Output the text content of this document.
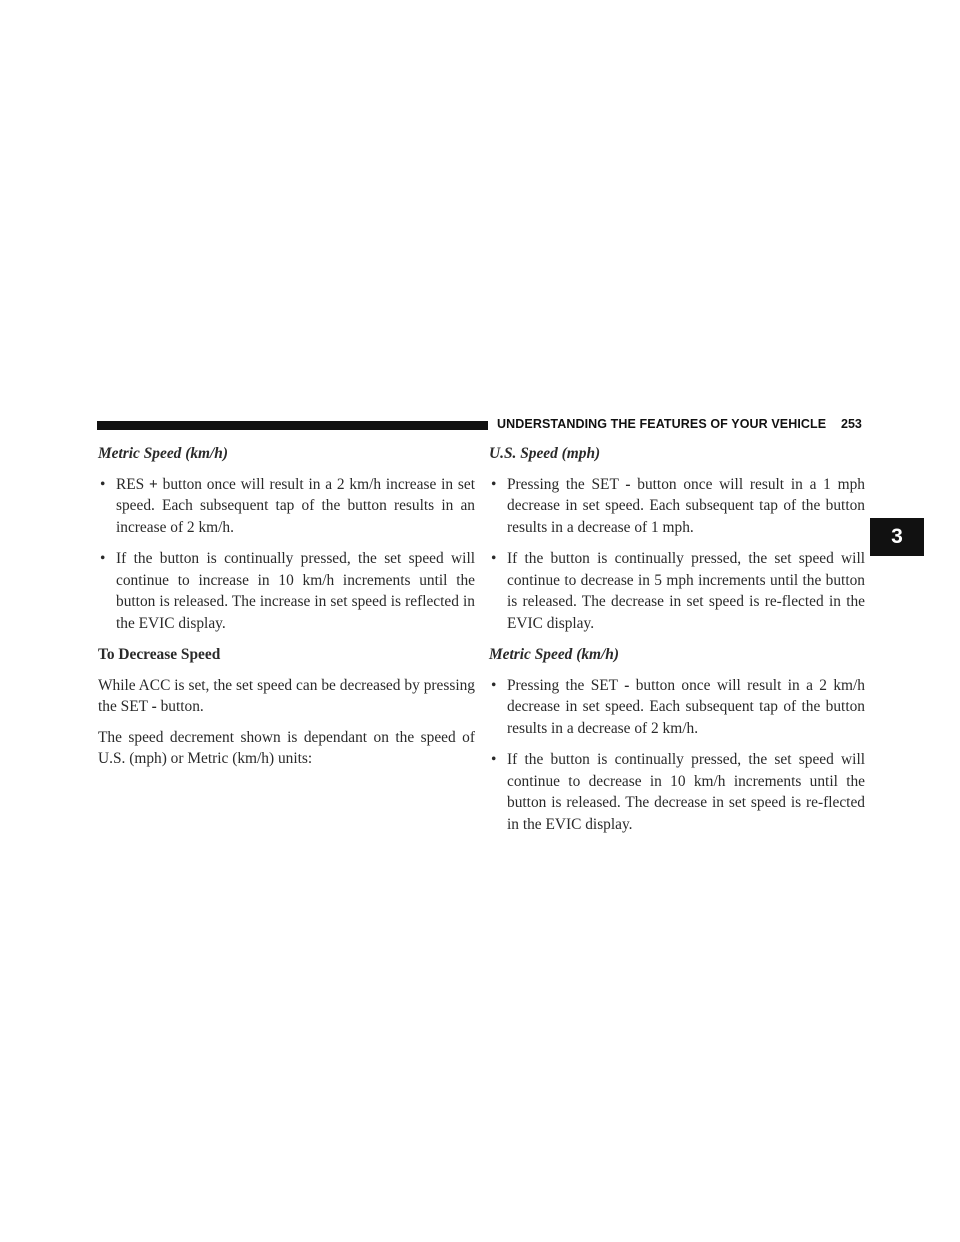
UNDERSTANDING THE FEATURES OF YOUR VEHICLE 253
3
Metric Speed (km/h)
• RES + button once will result in a 2 km/h increase in set speed. Each subsequent tap of the button results in an increase of 2 km/h.
• If the button is continually pressed, the set speed will continue to increase in 10 km/h increments until the button is released. The increase in set speed is reflected in the EVIC display.
To Decrease Speed

While ACC is set, the set speed can be decreased by pressing the SET - button.

The speed decrement shown is dependant on the speed of U.S. (mph) or Metric (km/h) units:

U.S. Speed (mph)
• Pressing the SET - button once will result in a 1 mph decrease in set speed. Each subsequent tap of the button results in a decrease of 1 mph.
• If the button is continually pressed, the set speed will continue to decrease in 5 mph increments until the button is released. The decrease in set speed is re-flected in the EVIC display.
Metric Speed (km/h)
• Pressing the SET - button once will result in a 2 km/h decrease in set speed. Each subsequent tap of the button results in a decrease of 2 km/h.
• If the button is continually pressed, the set speed will continue to decrease in 10 km/h increments until the button is released. The decrease in set speed is re-flected in the EVIC display.
